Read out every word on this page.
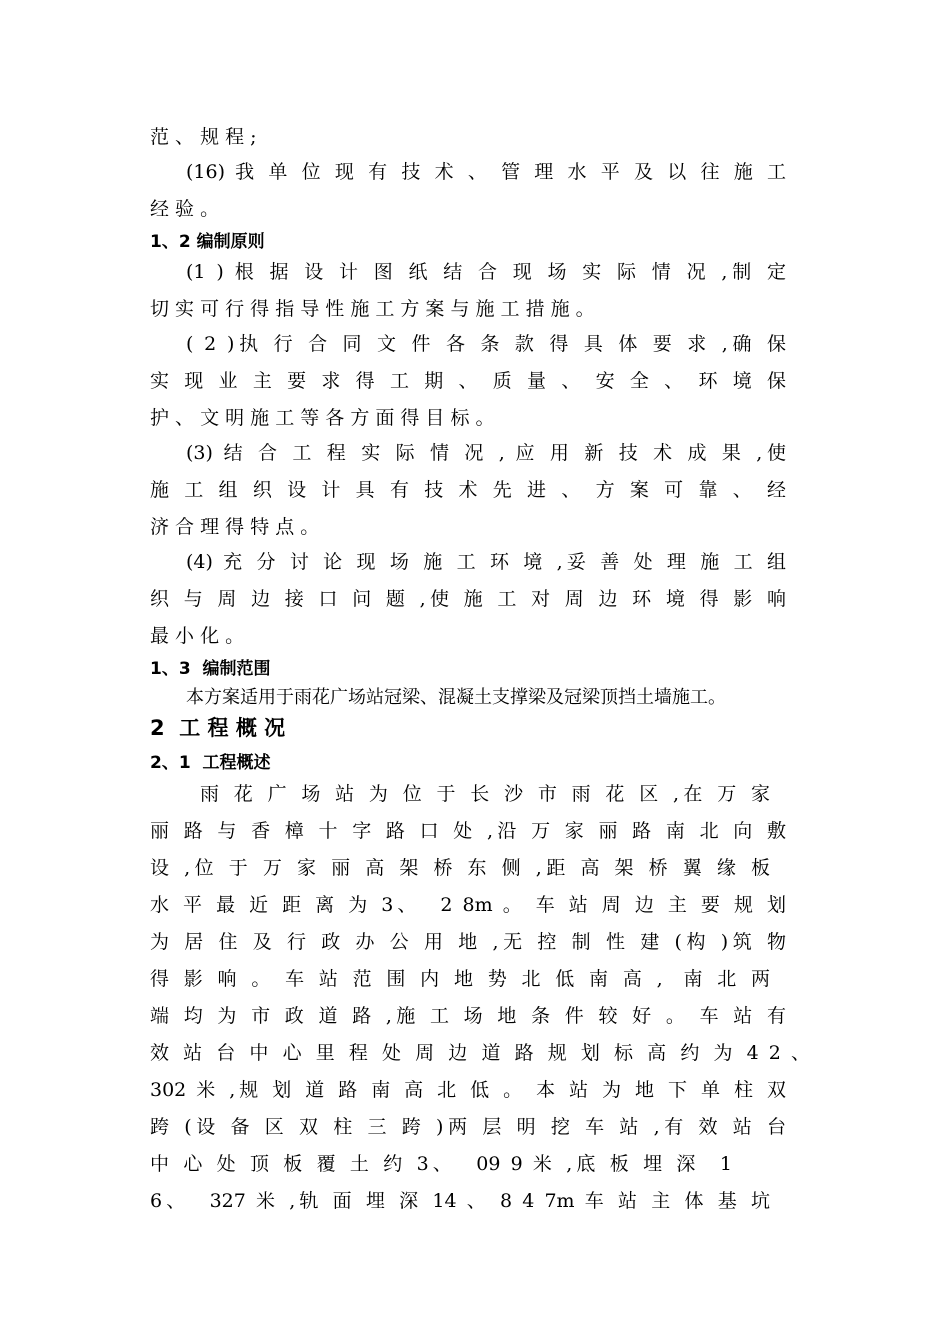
范 、 规 程 ;
(16) 我 单 位 现 有 技 术 、 管 理 水 平 及 以 往 施 工
经 验 。
1、2 编制原则
(1 ) 根 据 设 计 图 纸 结 合 现 场 实 际 情 况 ,制 定
切 实 可 行 得 指 导 性 施 工 方 案 与 施 工 措 施 。
( 2 )执 行 合 同 文 件 各 条 款 得 具 体 要 求 ,确 保
实 现 业 主 要 求 得 工 期 、 质 量 、 安 全 、 环 境 保
护 、 文 明 施 工 等 各 方 面 得 目 标 。
(3) 结 合 工 程 实 际 情 况 , 应 用 新 技 术 成 果 ,使
施 工 组 织 设 计 具 有 技 术 先 进 、 方 案 可 靠 、 经
济 合 理 得 特 点 。
(4) 充 分 讨 论 现 场 施 工 环 境 ,妥 善 处 理 施 工 组
织 与 周 边 接 口 问 题 ,使 施 工 对 周 边 环 境 得 影 响
最 小 化 。
1、3  编制范围
本方案适用于雨花广场站冠梁、混凝土支撑梁及冠梁顶挡土墙施工。
2  工 程 概 况
2、1  工程概述
雨 花 广 场 站 为 位 于 长 沙 市 雨 花 区 ,在 万 家
丽 路 与 香 樟 十 字 路 口 处 ,沿 万 家 丽 路 南 北 向 敷
设 ,位 于 万 家 丽 高 架 桥 东 侧 ,距 高 架 桥 翼 缘 板
水 平 最 近 距 离 为 3、  2 8m 。 车 站 周 边 主 要 规 划
为 居 住 及 行 政 办 公 用 地 ,无 控 制 性 建 (构 )筑 物
得 影 响 。 车 站 范 围 内 地 势 北 低 南 高 ,  南 北 两
端 均 为 市 政 道 路 ,施 工 场 地 条 件 较 好 。 车 站 有
效 站 台 中 心 里 程 处 周 边 道 路 规 划 标 高 约 为 4 2 、
302 米 ,规 划 道 路 南 高 北 低 。 本 站 为 地 下 单 柱 双
跨 (设 备 区 双 柱 三 跨 )两 层 明 挖 车 站 ,有 效 站 台
中 心 处 顶 板 覆 土 约 3、  09 9 米 ,底 板 埋 深  1
6、  327 米 ,轨 面 埋 深 14 、 8 4 7m 车 站 主 体 基 坑
